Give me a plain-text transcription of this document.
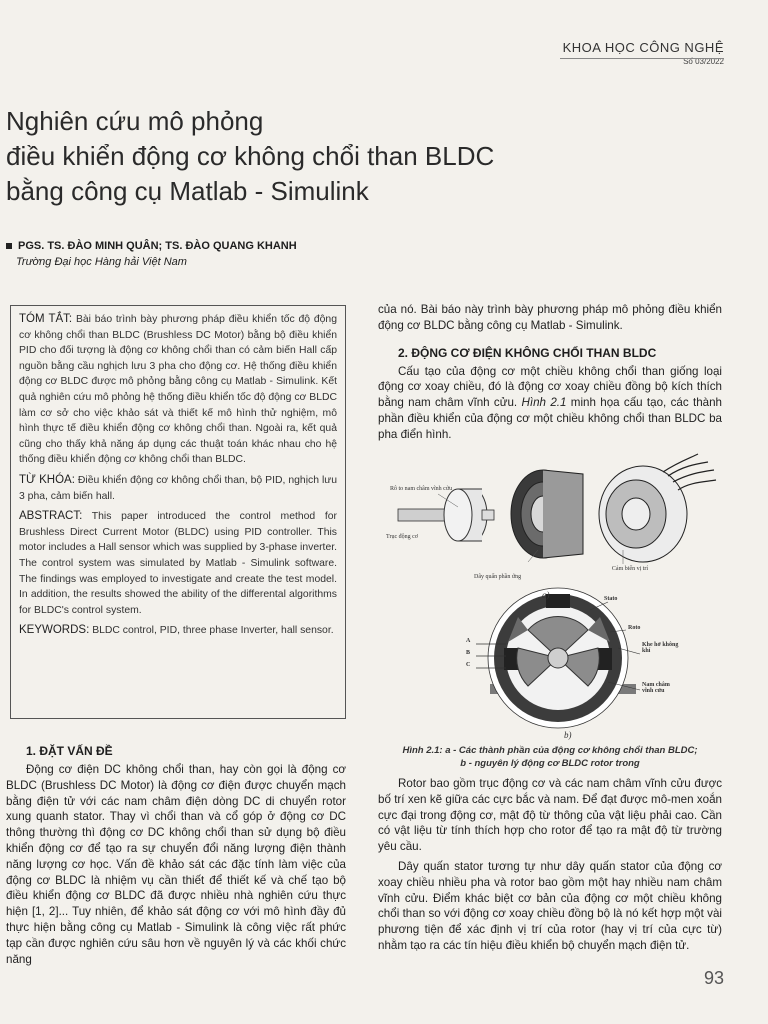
KHOA HỌC CÔNG NGHỆ
Số 03/2022
Nghiên cứu mô phỏng
điều khiển động cơ không chổi than BLDC
bằng công cụ Matlab - Simulink
PGS. TS. ĐÀO MINH QUÂN; TS. ĐÀO QUANG KHANH
Trường Đại học Hàng hải Việt Nam

TÓM TẮT: Bài báo trình bày phương pháp điều khiển tốc độ động cơ không chổi than BLDC (Brushless DC Motor) bằng bộ điều khiển PID cho đối tượng là động cơ không chổi than có cảm biến Hall cấp nguồn bằng cầu nghịch lưu 3 pha cho động cơ. Hệ thống điều khiển động cơ BLDC được mô phỏng bằng công cụ Matlab - Simulink. Kết quả nghiên cứu mô phỏng hệ thống điều khiển tốc độ động cơ BLDC làm cơ sở cho việc khảo sát và thiết kế mô hình thử nghiệm, mô hình thực tế điều khiển động cơ không chổi than. Ngoài ra, kết quả cũng cho thấy khả năng áp dụng các thuật toán khác nhau cho hệ thống điều khiển động cơ không chổi than BLDC.

TỪ KHÓA: Điều khiển động cơ không chổi than, bộ PID, nghịch lưu 3 pha, cảm biến hall.

ABSTRACT: This paper introduced the control method for Brushless Direct Current Motor (BLDC) using PID controller. This motor includes a Hall sensor which was supplied by 3-phase inverter. The control system was simulated by Matlab - Simulink software. The findings was employed to investigate and create the test model. In addition, the results showed the ability of the differental algorithms for BLDC's control system.

KEYWORDS: BLDC control, PID, three phase Inverter, hall sensor.

1. ĐẶT VẤN ĐỀ

Động cơ điện DC không chổi than, hay còn gọi là động cơ BLDC (Brushless DC Motor) là động cơ điện được chuyển mạch bằng điện tử với các nam châm điện dòng DC di chuyển rotor xung quanh stator. Thay vì chổi than và cổ góp ở động cơ DC thông thường thì động cơ DC không chổi than sử dụng bộ điều khiển động cơ để tạo ra sự chuyển đổi năng lượng điện thành năng lượng cơ học. Vấn đề khảo sát các đặc tính làm việc của động cơ BLDC là nhiệm vụ cần thiết để thiết kế và chế tạo bộ điều khiển động cơ BLDC đã được nhiều nhà nghiên cứu thực hiện [1, 2]... Tuy nhiên, để khảo sát động cơ với mô hình đầy đủ thực hiện bằng công cụ Matlab - Simulink là công việc rất phức tạp cần được nghiên cứu sâu hơn về nguyên lý và các khối chức năng

của nó. Bài báo này trình bày phương pháp mô phỏng điều khiển động cơ BLDC bằng công cụ Matlab - Simulink.

2. ĐỘNG CƠ ĐIỆN KHÔNG CHỔI THAN BLDC

Cấu tạo của động cơ một chiều không chổi than giống loại động cơ xoay chiều, đó là động cơ xoay chiều đồng bộ kích thích bằng nam châm vĩnh cửu. Hình 2.1 minh họa cấu tạo, các thành phần điều khiển của động cơ một chiều không chổi than BLDC ba pha điển hình.

Rô to nam châm vĩnh cửu
Trục động cơ
Dây quấn phần ứng
Cảm biến vị trí
a)	Stato
Roto
Khe hở không khí
Nam châm vĩnh cửu
A
B
C
b)
Hình 2.1: a - Các thành phần của động cơ không chổi than BLDC;
b - nguyên lý động cơ BLDC rotor trong

Rotor bao gồm trục động cơ và các nam châm vĩnh cửu được bố trí xen kẽ giữa các cực bắc và nam. Để đạt được mô-men xoắn cực đại trong động cơ, mật độ từ thông của vật liệu phải cao. Cần có vật liệu từ tính thích hợp cho rotor để tạo ra mật độ từ trường yêu cầu.

Dây quấn stator tương tự như dây quấn stator của động cơ xoay chiều nhiều pha và rotor bao gồm một hay nhiều nam châm vĩnh cửu. Điểm khác biệt cơ bản của động cơ một chiều không chổi than so với động cơ xoay chiều đồng bộ là nó kết hợp một vài phương tiện để xác định vị trí của rotor (hay vị trí của cực từ) nhằm tạo ra các tín hiệu điều khiển bộ chuyển mạch điện tử.

93
